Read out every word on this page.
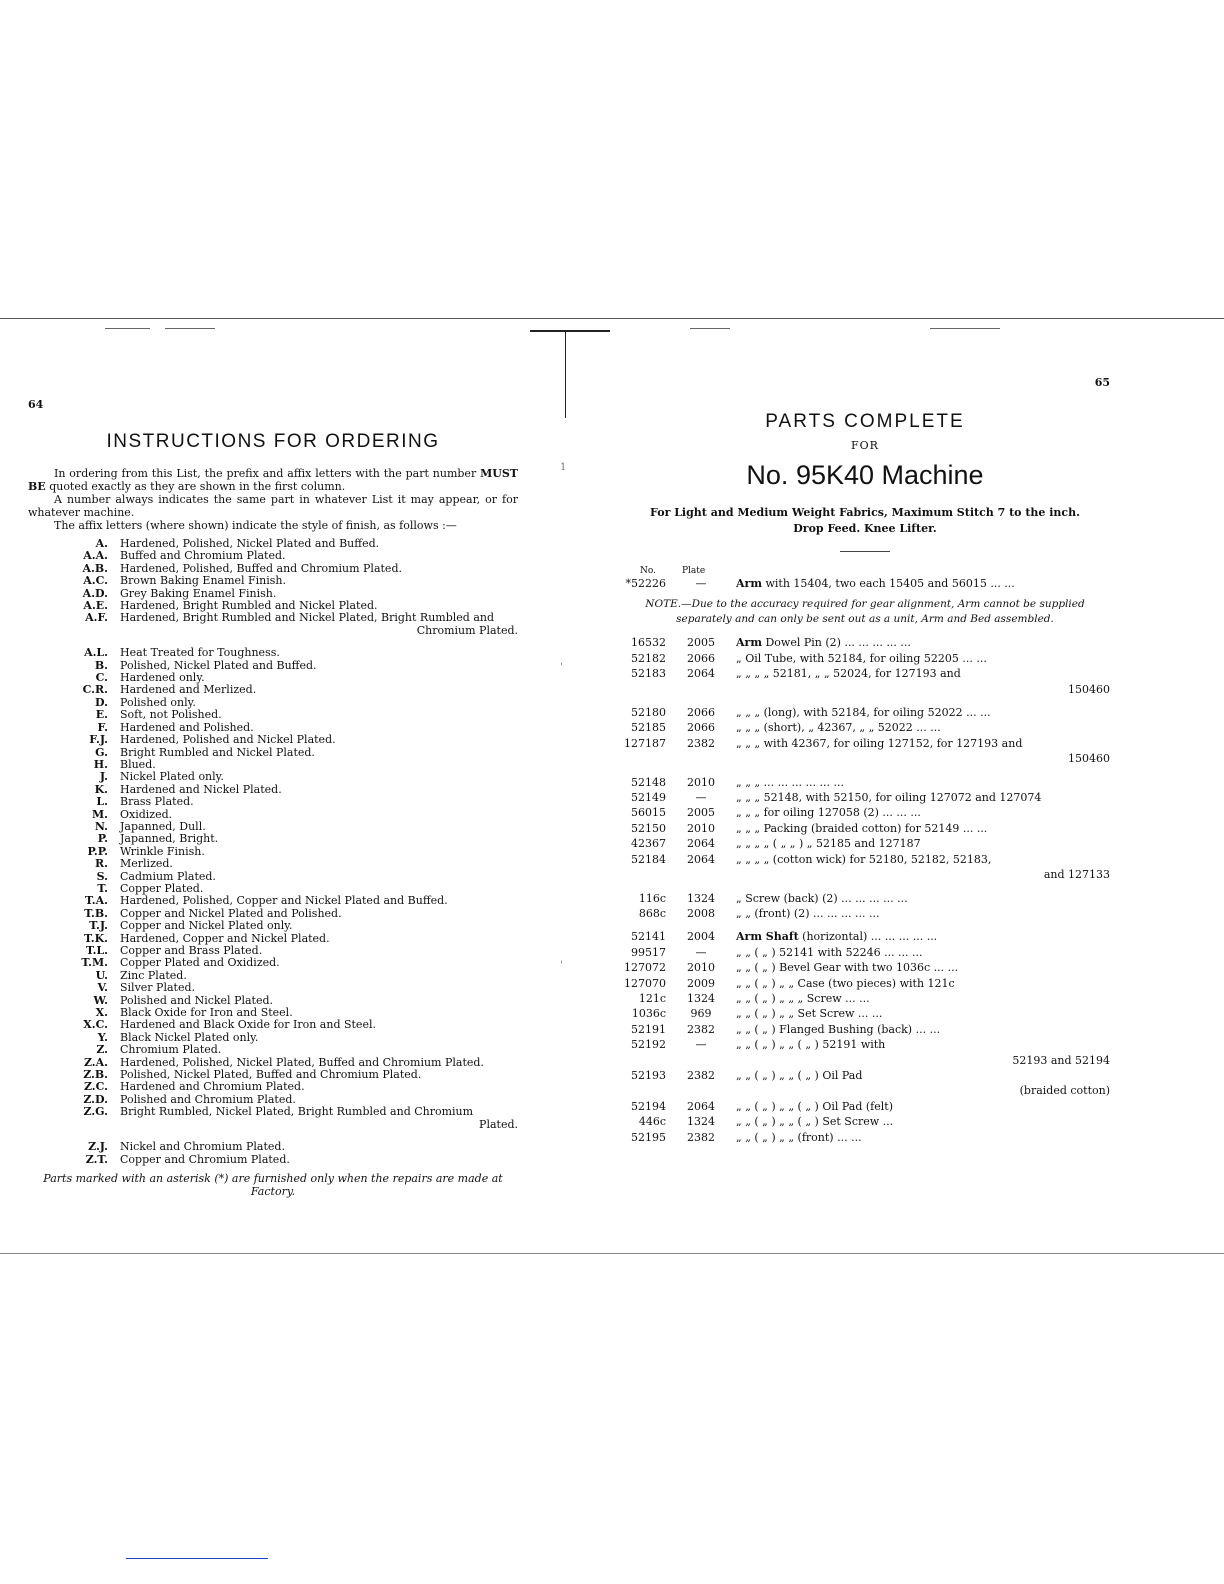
64
INSTRUCTIONS FOR ORDERING
In ordering from this List, the prefix and affix letters with the part number MUST BE quoted exactly as they are shown in the first column.
A number always indicates the same part in whatever List it may appear, or for whatever machine.
The affix letters (where shown) indicate the style of finish, as follows :—
A.	Hardened, Polished, Nickel Plated and Buffed.
A.A.	Buffed and Chromium Plated.
A.B.	Hardened, Polished, Buffed and Chromium Plated.
A.C.	Brown Baking Enamel Finish.
A.D.	Grey Baking Enamel Finish.
A.E.	Hardened, Bright Rumbled and Nickel Plated.
A.F.	Hardened, Bright Rumbled and Nickel Plated, Bright Rumbled and
Chromium Plated.
A.L.	Heat Treated for Toughness.
B.	Polished, Nickel Plated and Buffed.
C.	Hardened only.
C.R.	Hardened and Merlized.
D.	Polished only.
E.	Soft, not Polished.
F.	Hardened and Polished.
F.J.	Hardened, Polished and Nickel Plated.
G.	Bright Rumbled and Nickel Plated.
H.	Blued.
J.	Nickel Plated only.
K.	Hardened and Nickel Plated.
L.	Brass Plated.
M.	Oxidized.
N.	Japanned, Dull.
P.	Japanned, Bright.
P.P.	Wrinkle Finish.
R.	Merlized.
S.	Cadmium Plated.
T.	Copper Plated.
T.A.	Hardened, Polished, Copper and Nickel Plated and Buffed.
T.B.	Copper and Nickel Plated and Polished.
T.J.	Copper and Nickel Plated only.
T.K.	Hardened, Copper and Nickel Plated.
T.L.	Copper and Brass Plated.
T.M.	Copper Plated and Oxidized.
U.	Zinc Plated.
V.	Silver Plated.
W.	Polished and Nickel Plated.
X.	Black Oxide for Iron and Steel.
X.C.	Hardened and Black Oxide for Iron and Steel.
Y.	Black Nickel Plated only.
Z.	Chromium Plated.
Z.A.	Hardened, Polished, Nickel Plated, Buffed and Chromium Plated.
Z.B.	Polished, Nickel Plated, Buffed and Chromium Plated.
Z.C.	Hardened and Chromium Plated.
Z.D.	Polished and Chromium Plated.
Z.G.	Bright Rumbled, Nickel Plated, Bright Rumbled and Chromium
Plated.
Z.J.	Nickel and Chromium Plated.
Z.T.	Copper and Chromium Plated.
Parts marked with an asterisk (*) are furnished only when the repairs are made at Factory.
65
PARTS COMPLETE
FOR
No. 95K40 Machine
For Light and Medium Weight Fabrics, Maximum Stitch 7 to the inch.
Drop Feed. Knee Lifter.
No.	Plate
*52226	—	Arm with 15404, two each 15405 and 56015 ... ...
NOTE.—Due to the accuracy required for gear alignment, Arm cannot be supplied separately and can only be sent out as a unit, Arm and Bed assembled.
16532	2005	Arm Dowel Pin (2) ... ... ... ... ...
52182	2066	„ Oil Tube, with 52184, for oiling 52205 ... ...
52183	2064	„ „ „ „ 52181, „ „ 52024, for 127193 and
150460
52180	2066	„ „ „ (long), with 52184, for oiling 52022 ... ...
52185	2066	„ „ „ (short), „ 42367, „ „ 52022 ... ...
127187	2382	„ „ „ with 42367, for oiling 127152, for 127193 and
150460
52148	2010	„ „ „ ... ... ... ... ... ...
52149	—	„ „ „ 52148, with 52150, for oiling 127072 and 127074
56015	2005	„ „ „ for oiling 127058 (2) ... ... ...
52150	2010	„ „ „ Packing (braided cotton) for 52149 ... ...
42367	2064	„ „ „ „ ( „ „ ) „ 52185 and 127187
52184	2064	„ „ „ „ (cotton wick) for 52180, 52182, 52183,
and 127133
116c	1324	„ Screw (back) (2) ... ... ... ... ...
868c	2008	„ „ (front) (2) ... ... ... ... ...
52141	2004	Arm Shaft (horizontal) ... ... ... ... ...
99517	—	„ „ ( „ ) 52141 with 52246 ... ... ...
127072	2010	„ „ ( „ ) Bevel Gear with two 1036c ... ...
127070	2009	„ „ ( „ ) „ „ Case (two pieces) with 121c
121c	1324	„ „ ( „ ) „ „ „ Screw ... ...
1036c	969	„ „ ( „ ) „ „ Set Screw ... ...
52191	2382	„ „ ( „ ) Flanged Bushing (back) ... ...
52192	—	„ „ ( „ ) „ „ ( „ ) 52191 with
52193 and 52194
52193	2382	„ „ ( „ ) „ „ ( „ ) Oil Pad
(braided cotton)
52194	2064	„ „ ( „ ) „ „ ( „ ) Oil Pad (felt)
446c	1324	„ „ ( „ ) „ „ ( „ ) Set Screw ...
52195	2382	„ „ ( „ ) „ „ (front) ... ...
1
'
'
